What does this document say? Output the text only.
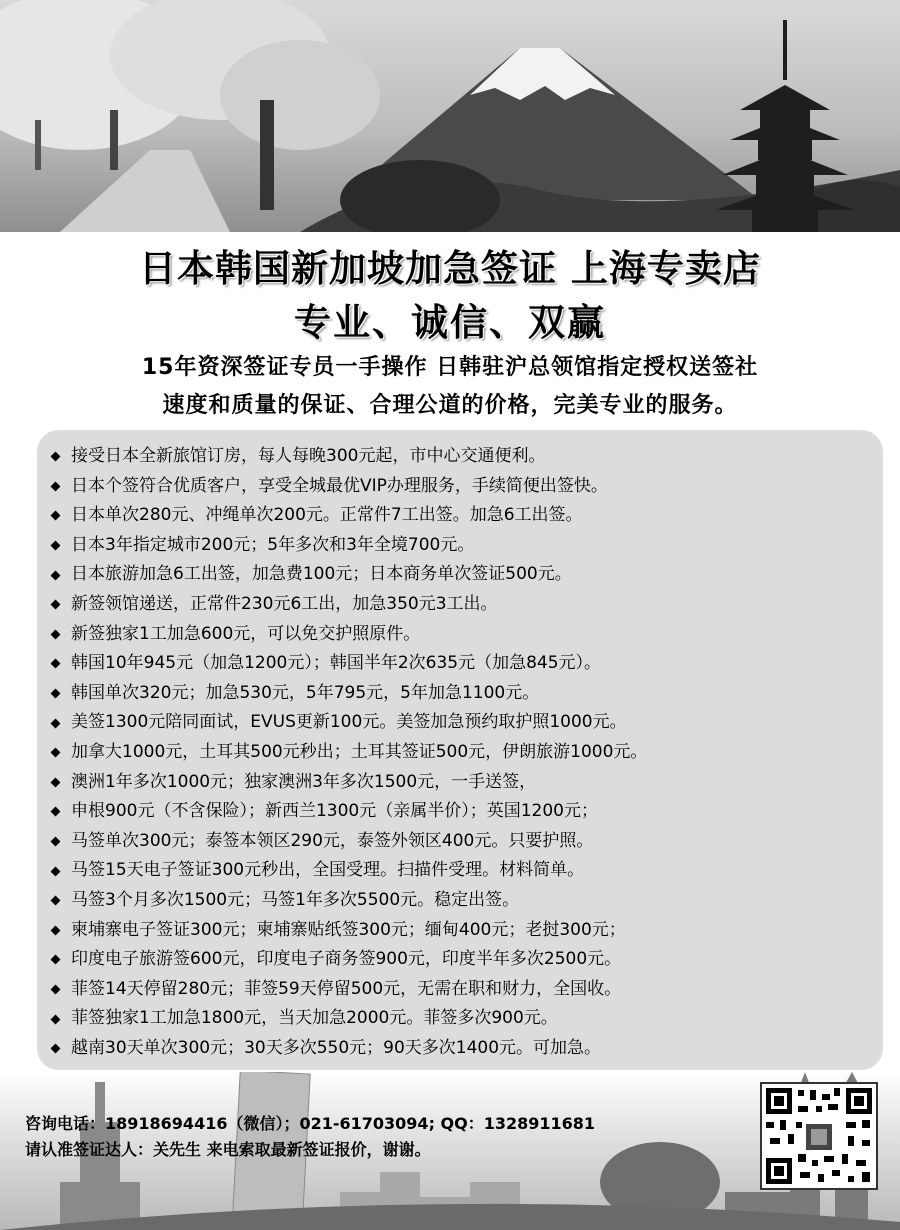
日本韩国新加坡加急签证 上海专卖店
专业、诚信、双赢
15年资深签证专员一手操作 日韩驻沪总领馆指定授权送签社
速度和质量的保证、合理公道的价格，完美专业的服务。
接受日本全新旅馆订房，每人每晚300元起，市中心交通便利。
日本个签符合优质客户，享受全城最优VIP办理服务，手续简便出签快。
日本单次280元、冲绳单次200元。正常件7工出签。加急6工出签。
日本3年指定城市200元；5年多次和3年全境700元。
日本旅游加急6工出签，加急费100元；日本商务单次签证500元。
新签领馆递送，正常件230元6工出，加急350元3工出。
新签独家1工加急600元，可以免交护照原件。
韩国10年945元（加急1200元）；韩国半年2次635元（加急845元）。
韩国单次320元；加急530元，5年795元，5年加急1100元。
美签1300元陪同面试，EVUS更新100元。美签加急预约取护照1000元。
加拿大1000元，土耳其500元秒出；土耳其签证500元，伊朗旅游1000元。
澳洲1年多次1000元；独家澳洲3年多次1500元，一手送签，
申根900元（不含保险）；新西兰1300元（亲属半价）；英国1200元；
马签单次300元；泰签本领区290元，泰签外领区400元。只要护照。
马签15天电子签证300元秒出，全国受理。扫描件受理。材料简单。
马签3个月多次1500元；马签1年多次5500元。稳定出签。
柬埔寨电子签证300元；柬埔寨贴纸签300元；缅甸400元；老挝300元；
印度电子旅游签600元，印度电子商务签900元，印度半年多次2500元。
菲签14天停留280元；菲签59天停留500元，无需在职和财力，全国收。
菲签独家1工加急1800元，当天加急2000元。菲签多次900元。
越南30天单次300元；30天多次550元；90天多次1400元。可加急。
咨询电话：18918694416（微信）；021-61703094; QQ：1328911681
请认准签证达人：关先生 来电索取最新签证报价，谢谢。
